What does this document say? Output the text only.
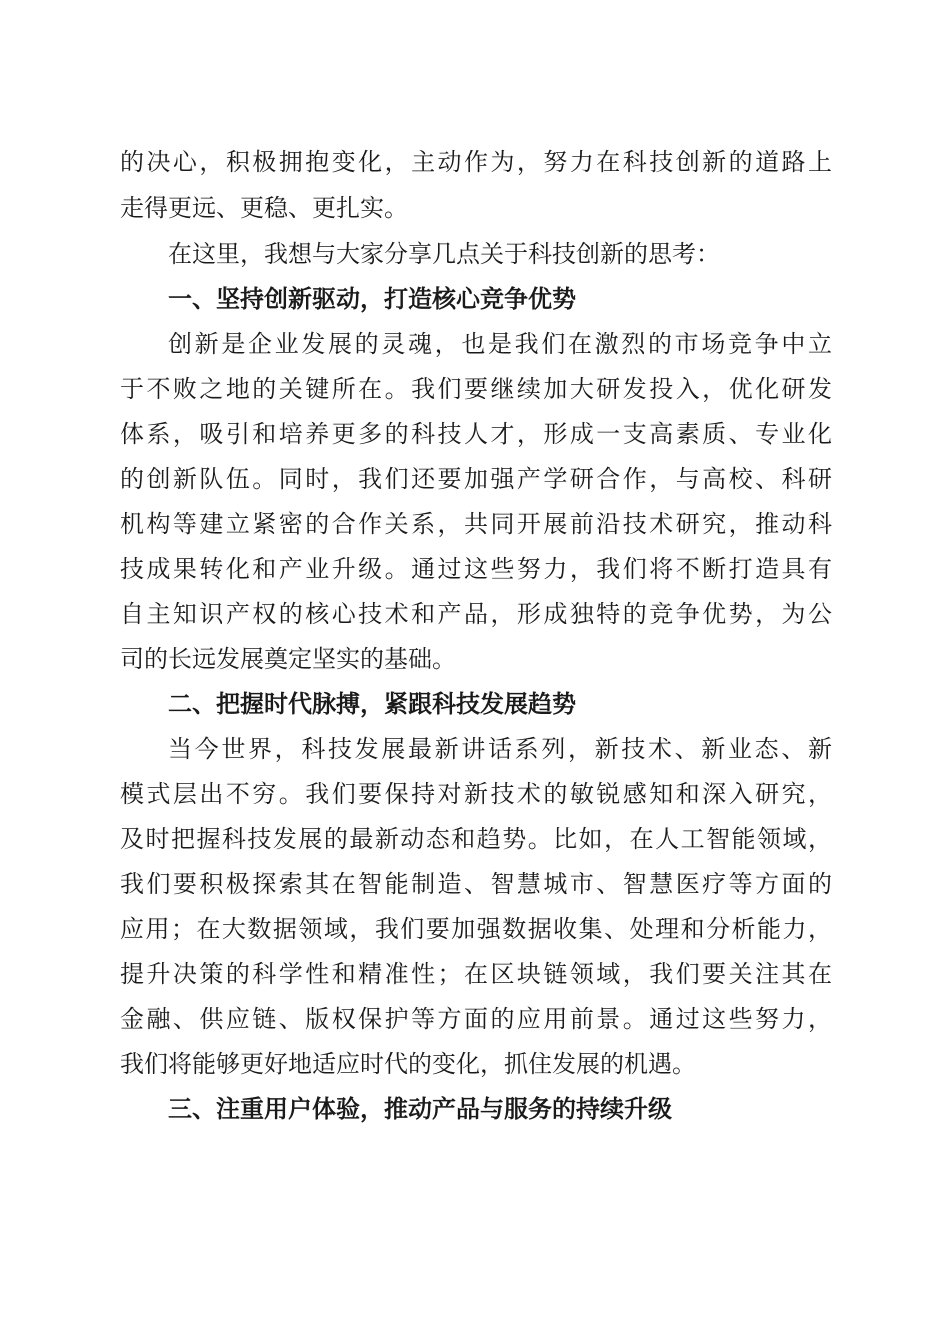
的决心，积极拥抱变化，主动作为，努力在科技创新的道路上
走得更远、更稳、更扎实。
在这里，我想与大家分享几点关于科技创新的思考：
一、坚持创新驱动，打造核心竞争优势
创新是企业发展的灵魂，也是我们在激烈的市场竞争中立
于不败之地的关键所在。我们要继续加大研发投入，优化研发
体系，吸引和培养更多的科技人才，形成一支高素质、专业化
的创新队伍。同时，我们还要加强产学研合作，与高校、科研
机构等建立紧密的合作关系，共同开展前沿技术研究，推动科
技成果转化和产业升级。通过这些努力，我们将不断打造具有
自主知识产权的核心技术和产品，形成独特的竞争优势，为公
司的长远发展奠定坚实的基础。
二、把握时代脉搏，紧跟科技发展趋势
当今世界，科技发展最新讲话系列，新技术、新业态、新
模式层出不穷。我们要保持对新技术的敏锐感知和深入研究，
及时把握科技发展的最新动态和趋势。比如，在人工智能领域，
我们要积极探索其在智能制造、智慧城市、智慧医疗等方面的
应用；在大数据领域，我们要加强数据收集、处理和分析能力，
提升决策的科学性和精准性；在区块链领域，我们要关注其在
金融、供应链、版权保护等方面的应用前景。通过这些努力，
我们将能够更好地适应时代的变化，抓住发展的机遇。
三、注重用户体验，推动产品与服务的持续升级
